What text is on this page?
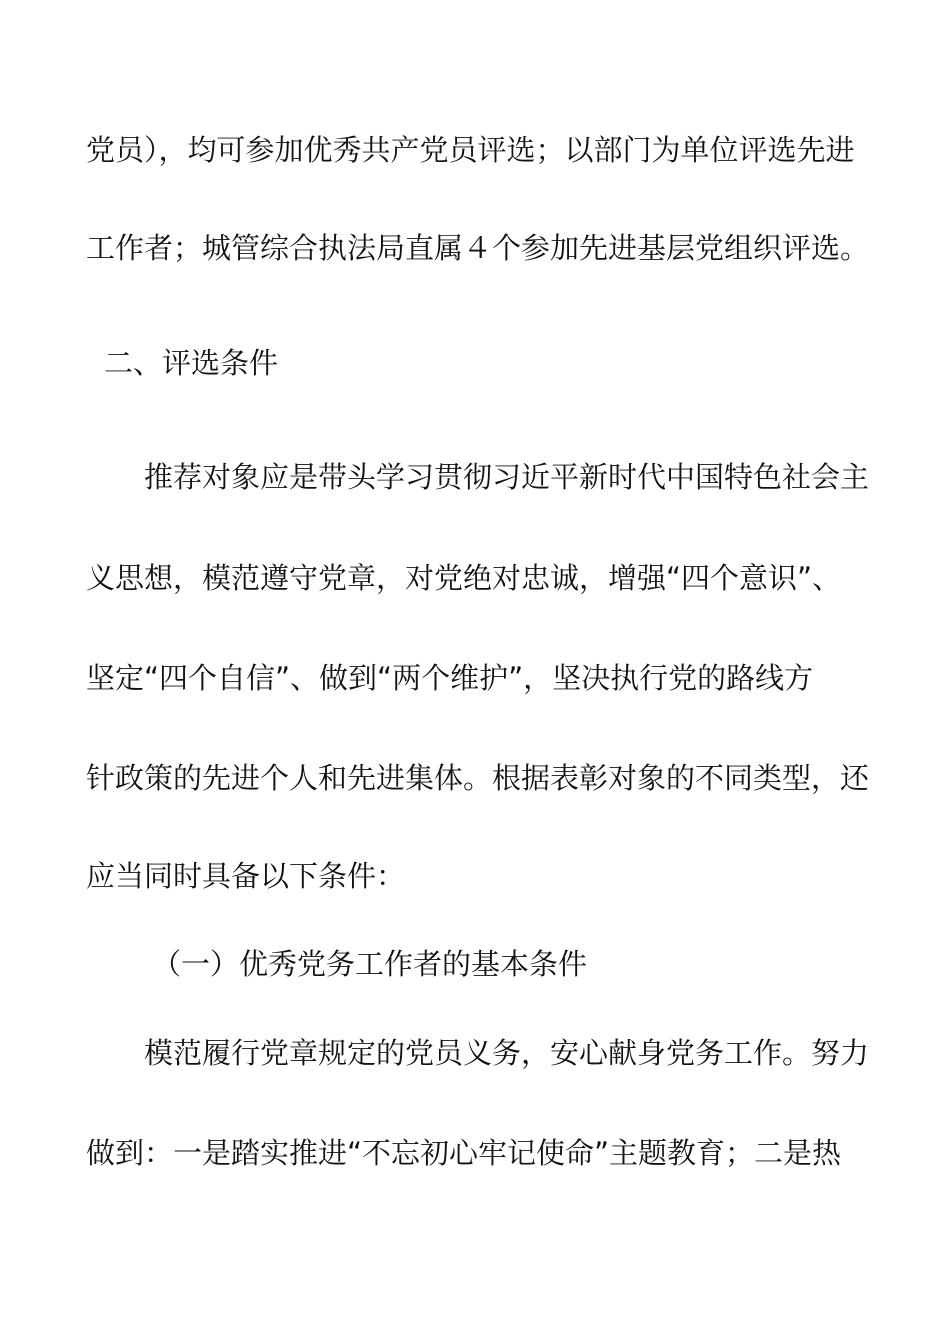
党员），均可参加优秀共产党员评选；以部门为单位评选先进
工作者；城管综合执法局直属４个参加先进基层党组织评选。
二、评选条件
推荐对象应是带头学习贯彻习近平新时代中国特色社会主
义思想，模范遵守党章，对党绝对忠诚，增强“四个意识”、
坚定“四个自信”、做到“两个维护”，坚决执行党的路线方
针政策的先进个人和先进集体。根据表彰对象的不同类型，还
应当同时具备以下条件：
（一）优秀党务工作者的基本条件
模范履行党章规定的党员义务，安心献身党务工作。努力
做到：一是踏实推进“不忘初心牢记使命”主题教育；二是热
